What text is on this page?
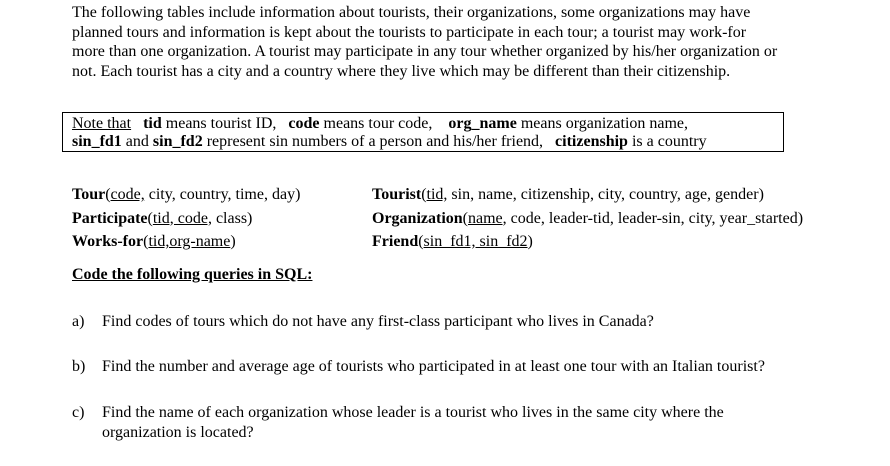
The following tables include information about tourists, their organizations, some organizations may have
planned tours and information is kept about the tourists to participate in each tour; a tourist may work-for
more than one organization. A tourist may participate in any tour whether organized by his/her organization or
not. Each tourist has a city and a country where they live which may be different than their citizenship.
Note that tid means tourist ID, code means tour code, org_name means organization name,
sin_fd1 and sin_fd2 represent sin numbers of a person and his/her friend, citizenship is a country
Tour(code, city, country, time, day)
Participate(tid, code, class)
Works-for(tid,org-name)
Tourist(tid, sin, name, citizenship, city, country, age, gender)
Organization(name, code, leader-tid, leader-sin, city, year_started)
Friend(sin_fd1, sin_fd2)
Code the following queries in SQL:
a) Find codes of tours which do not have any first-class participant who lives in Canada?
b) Find the number and average age of tourists who participated in at least one tour with an Italian tourist?
c) Find the name of each organization whose leader is a tourist who lives in the same city where the
organization is located?
